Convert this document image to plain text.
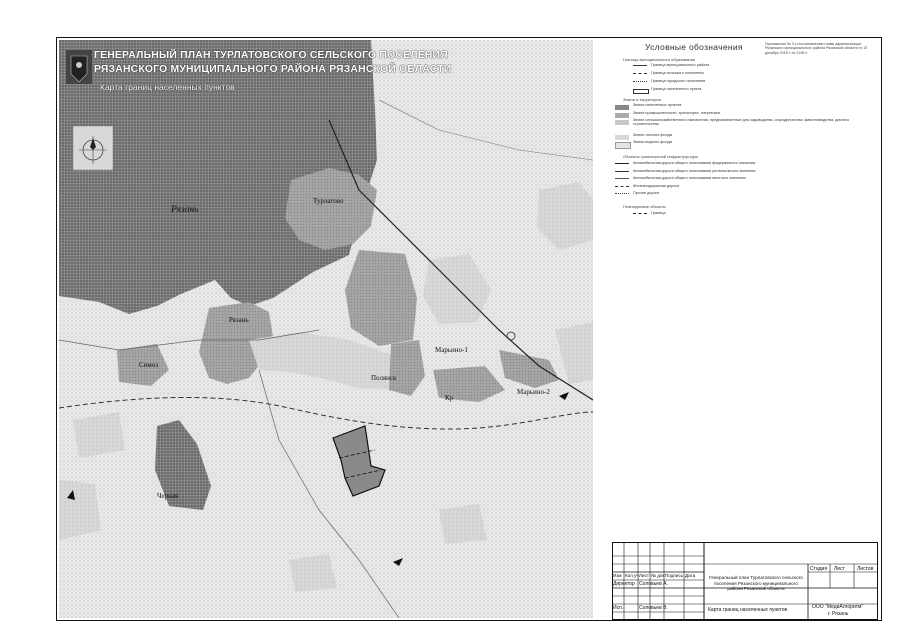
Рязань
Турлатово
Рязань
Симоз
Полянск
Марьино-1
Марьино-2
Кр
Черная
ГЕНЕРАЛЬНЫЙ ПЛАН ТУРЛАТОВСКОГО СЕЛЬСКОГО ПОСЕЛЕНИЯ
РЯЗАНСКОГО МУНИЦИПАЛЬНОГО РАЙОНА РЯЗАНСКОЙ ОБЛАСТИ
Карта границ населенных пунктов
Условные обозначения	Приложение № 3 к постановлению главы администрации Рязанского муниципального района Рязанской области от 15 декабря 2015 г. № 2196 п
Граница муниципального образования
Граница муниципального района
Граница сельского поселения
Граница городского поселения
Граница населенного пункта
Земли и территории
Земли населенных пунктов
Земли промышленности, транспорта, энергетики
Земли сельскохозяйственного назначения, предназначенные для садоводства, огородничества, животноводства, дачного строительства
Земли лесного фонда
Земли водного фонда
Объекты транспортной инфраструктуры
Автомобильная дорога общего пользования федерального значения
Автомобильная дорога общего пользования регионального значения
Автомобильная дорога общего пользования местного значения
Железнодорожная дорога
Прочие дороги
Планируемые объекты
Граница
Изм Кол.уч Лист № док Подпись Дата
Директор Соловьев А.
Исп.	Соловьев В.
Генеральный план Турлатовского сельского поселения Рязанского муниципального района Рязанской области
Карта границ населенных пунктов
Стадия Лист Листов
ООО "МедиАлгоритм"
г. Рязань
